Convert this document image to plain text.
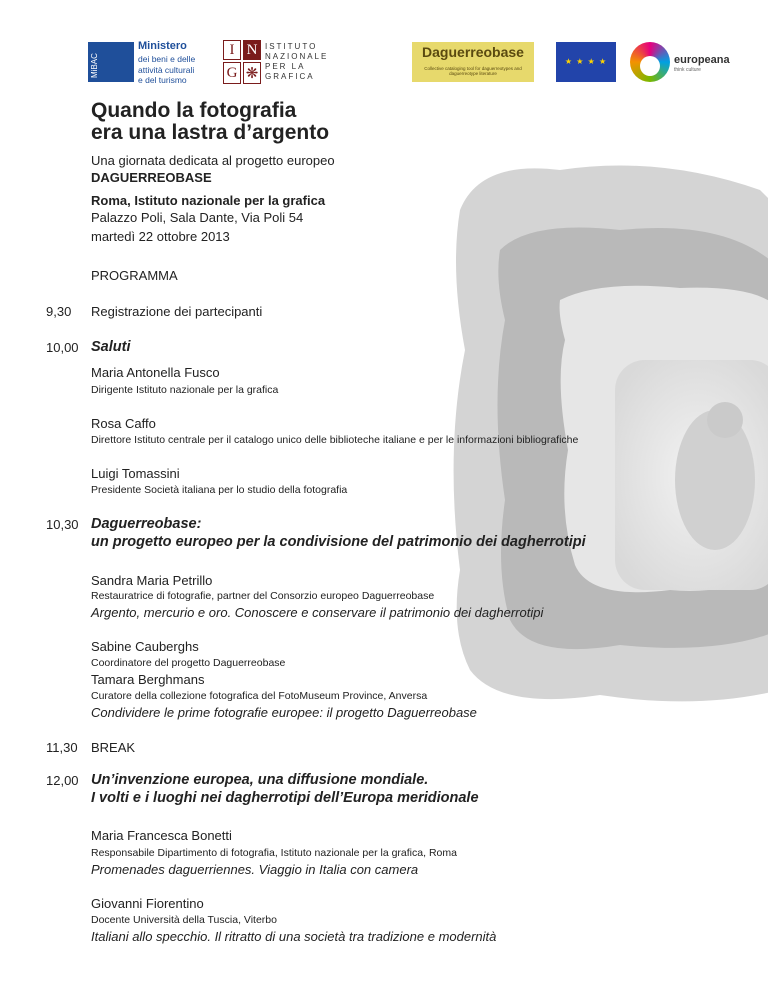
MiBAC
Ministero
dei beni e delle
attività culturali
e del turismo
I N
G ❋
ISTITUTO
NAZIONALE
PER LA
GRAFICA
Daguerreobase
Collective cataloging tool for daguerreotypes and daguerreotype literature
★ ★ ★ ★	europeana
think culture
Quando la fotografia
era una lastra d’argento
Una giornata dedicata al progetto europeo
DAGUERREOBASE
Roma, Istituto nazionale per la grafica
Palazzo Poli, Sala Dante, Via Poli 54
martedì 22 ottobre 2013
PROGRAMMA
9,30 Registrazione dei partecipanti
10,00 Saluti
Maria Antonella Fusco
Dirigente Istituto nazionale per la grafica
Rosa Caffo
Direttore Istituto centrale per il catalogo unico delle biblioteche italiane e per le informazioni bibliografiche
Luigi Tomassini
Presidente Società italiana per lo studio della fotografia
10,30 Daguerreobase:
un progetto europeo per la condivisione del patrimonio dei dagherrotipi
Sandra Maria Petrillo
Restauratrice di fotografie, partner del Consorzio europeo Daguerreobase
Argento, mercurio e oro. Conoscere e conservare il patrimonio dei dagherrotipi
Sabine Cauberghs
Coordinatore del progetto Daguerreobase
Tamara Berghmans
Curatore della collezione fotografica del FotoMuseum Province, Anversa
Condividere le prime fotografie europee: il progetto Daguerreobase
11,30 BREAK
12,00 Un’invenzione europea, una diffusione mondiale.
I volti e i luoghi nei dagherrotipi dell’Europa meridionale
Maria Francesca Bonetti
Responsabile Dipartimento di fotografia, Istituto nazionale per la grafica, Roma
Promenades daguerriennes. Viaggio in Italia con camera
Giovanni Fiorentino
Docente Università della Tuscia, Viterbo
Italiani allo specchio. Il ritratto di una società tra tradizione e modernità
